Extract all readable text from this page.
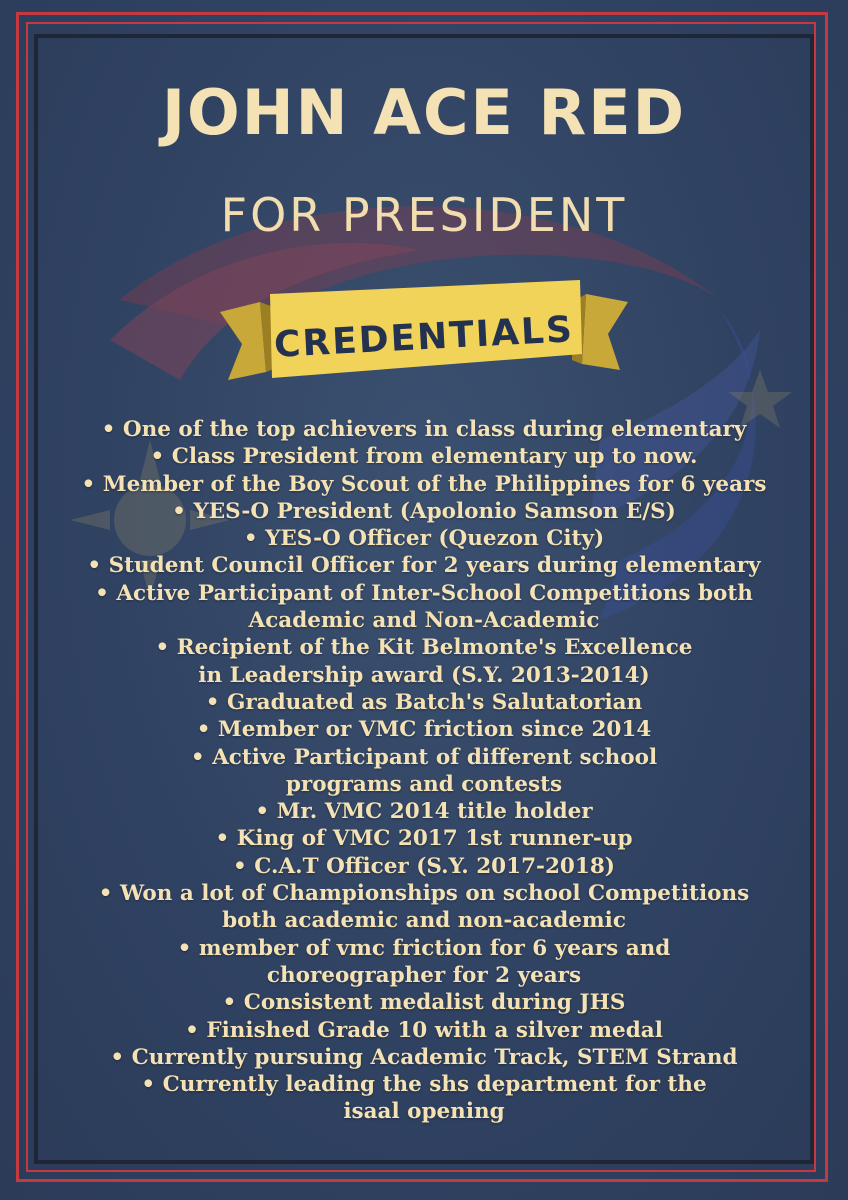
JOHN ACE RED
FOR PRESIDENT
CREDENTIALS
• One of the top achievers in class during elementary
• Class President from elementary up to now.
• Member of the Boy Scout of the Philippines for 6 years
• YES-O President (Apolonio Samson E/S)
• YES-O Officer (Quezon City)
• Student Council Officer for 2 years during elementary
• Active Participant of Inter-School Competitions both
Academic and Non-Academic
• Recipient of the Kit Belmonte's Excellence
in Leadership award (S.Y. 2013-2014)
• Graduated as Batch's Salutatorian
• Member or VMC friction since 2014
• Active Participant of different school
programs and contests
• Mr. VMC 2014 title holder
• King of VMC 2017 1st runner-up
• C.A.T Officer (S.Y. 2017-2018)
• Won a lot of Championships on school Competitions
both academic and non-academic
• member of vmc friction for 6 years and
choreographer for 2 years
• Consistent medalist during JHS
• Finished Grade 10 with a silver medal
• Currently pursuing Academic Track, STEM Strand
• Currently leading the shs department for the
isaal opening
